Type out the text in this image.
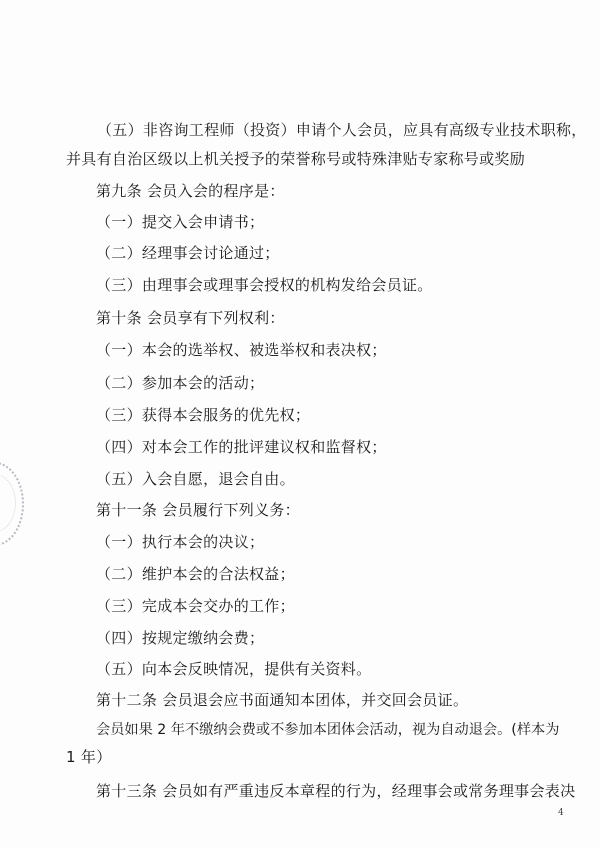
（五）非咨询工程师（投资）申请个人会员，应具有高级专业技术职称，
并具有自治区级以上机关授予的荣誉称号或特殊津贴专家称号或奖励
第九条 会员入会的程序是：
（一）提交入会申请书；
（二）经理事会讨论通过；
（三）由理事会或理事会授权的机构发给会员证。
第十条 会员享有下列权利：
（一）本会的选举权、被选举权和表决权；
（二）参加本会的活动；
（三）获得本会服务的优先权；
（四）对本会工作的批评建议权和监督权；
（五）入会自愿，退会自由。
第十一条 会员履行下列义务：
（一）执行本会的决议；
（二）维护本会的合法权益；
（三）完成本会交办的工作；
（四）按规定缴纳会费；
（五）向本会反映情况，提供有关资料。
第十二条 会员退会应书面通知本团体，并交回会员证。
会员如果 2 年不缴纳会费或不参加本团体会活动，视为自动退会。(样本为
1 年）
第十三条 会员如有严重违反本章程的行为，经理事会或常务理事会表决
4
